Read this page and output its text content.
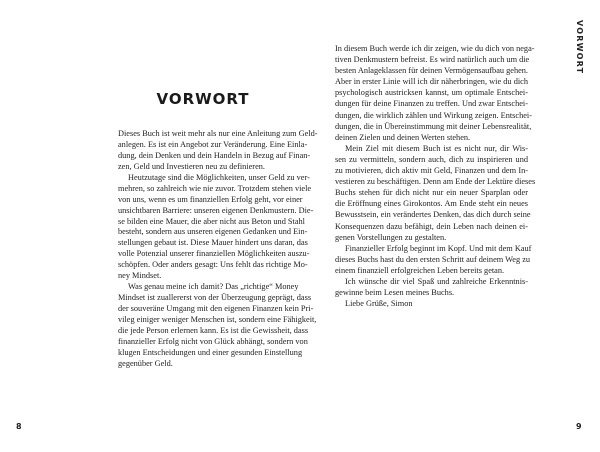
VORWORT
Dieses Buch ist weit mehr als nur eine Anleitung zum Geld-
anlegen. Es ist ein Angebot zur Veränderung. Eine Einla-
dung, dein Denken und dein Handeln in Bezug auf Finan-
zen, Geld und Investieren neu zu definieren.
Heutzutage sind die Möglichkeiten, unser Geld zu ver-
mehren, so zahlreich wie nie zuvor. Trotzdem stehen viele
von uns, wenn es um finanziellen Erfolg geht, vor einer
unsichtbaren Barriere: unseren eigenen Denkmustern. Die-
se bilden eine Mauer, die aber nicht aus Beton und Stahl
besteht, sondern aus unseren eigenen Gedanken und Ein-
stellungen gebaut ist. Diese Mauer hindert uns daran, das
volle Potenzial unserer finanziellen Möglichkeiten auszu-
schöpfen. Oder anders gesagt: Uns fehlt das richtige Mo-
ney Mindset.
Was genau meine ich damit? Das „richtige“ Money
Mindset ist zuallererst von der Überzeugung geprägt, dass
der souveräne Umgang mit den eigenen Finanzen kein Pri-
vileg einiger weniger Menschen ist, sondern eine Fähigkeit,
die jede Person erlernen kann. Es ist die Gewissheit, dass
finanzieller Erfolg nicht von Glück abhängt, sondern von
klugen Entscheidungen und einer gesunden Einstellung
gegenüber Geld.
8
In diesem Buch werde ich dir zeigen, wie du dich von nega-
tiven Denkmustern befreist. Es wird natürlich auch um die
besten Anlageklassen für deinen Vermögensaufbau gehen.
Aber in erster Linie will ich dir näherbringen, wie du dich
psychologisch austricksen kannst, um optimale Entschei-
dungen für deine Finanzen zu treffen. Und zwar Entschei-
dungen, die wirklich zählen und Wirkung zeigen. Entschei-
dungen, die in Übereinstimmung mit deiner Lebensrealität,
deinen Zielen und deinen Werten stehen.
Mein Ziel mit diesem Buch ist es nicht nur, dir Wis-
sen zu vermitteln, sondern auch, dich zu inspirieren und
zu motivieren, dich aktiv mit Geld, Finanzen und dem In-
vestieren zu beschäftigen. Denn am Ende der Lektüre dieses
Buchs stehen für dich nicht nur ein neuer Sparplan oder
die Eröffnung eines Girokontos. Am Ende steht ein neues
Bewusstsein, ein verändertes Denken, das dich durch seine
Konsequenzen dazu befähigt, dein Leben nach deinen ei-
genen Vorstellungen zu gestalten.
Finanzieller Erfolg beginnt im Kopf. Und mit dem Kauf
dieses Buchs hast du den ersten Schritt auf deinem Weg zu
einem finanziell erfolgreichen Leben bereits getan.
Ich wünsche dir viel Spaß und zahlreiche Erkenntnis-
gewinne beim Lesen meines Buchs.
Liebe Grüße, Simon
VORWORT
9
